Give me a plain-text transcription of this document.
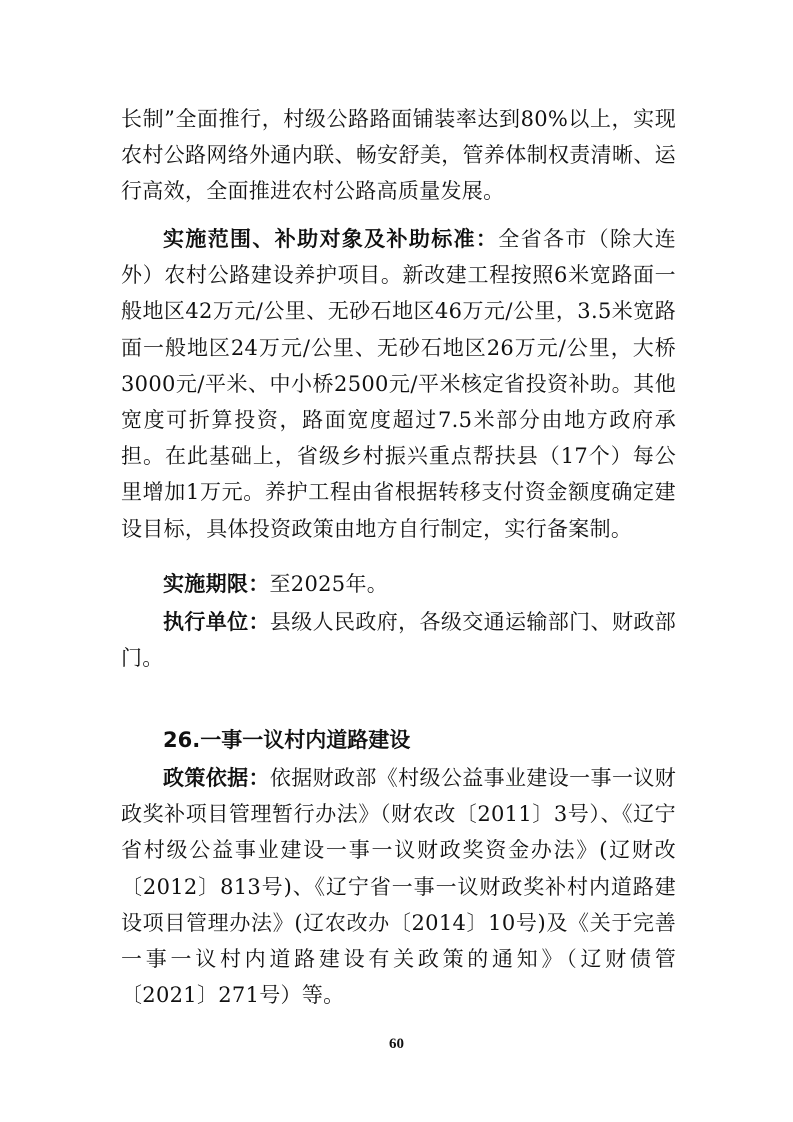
长制”全面推行，村级公路路面铺装率达到80%以上，实现农村公路网络外通内联、畅安舒美，管养体制权责清晰、运行高效，全面推进农村公路高质量发展。

实施范围、补助对象及补助标准：全省各市（除大连外）农村公路建设养护项目。新改建工程按照6米宽路面一般地区42万元/公里、无砂石地区46万元/公里，3.5米宽路面一般地区24万元/公里、无砂石地区26万元/公里，大桥3000元/平米、中小桥2500元/平米核定省投资补助。其他宽度可折算投资，路面宽度超过7.5米部分由地方政府承担。在此基础上，省级乡村振兴重点帮扶县（17个）每公里增加1万元。养护工程由省根据转移支付资金额度确定建设目标，具体投资政策由地方自行制定，实行备案制。

实施期限：至2025年。

执行单位：县级人民政府，各级交通运输部门、财政部门。

26.一事一议村内道路建设

政策依据：依据财政部《村级公益事业建设一事一议财政奖补项目管理暂行办法》（财农改〔2011〕3号）、《辽宁省村级公益事业建设一事一议财政奖资金办法》(辽财改〔2012〕813号)、《辽宁省一事一议财政奖补村内道路建设项目管理办法》(辽农改办〔2014〕10号)及《关于完善一事一议村内道路建设有关政策的通知》（辽财债管〔2021〕271号）等。

60
